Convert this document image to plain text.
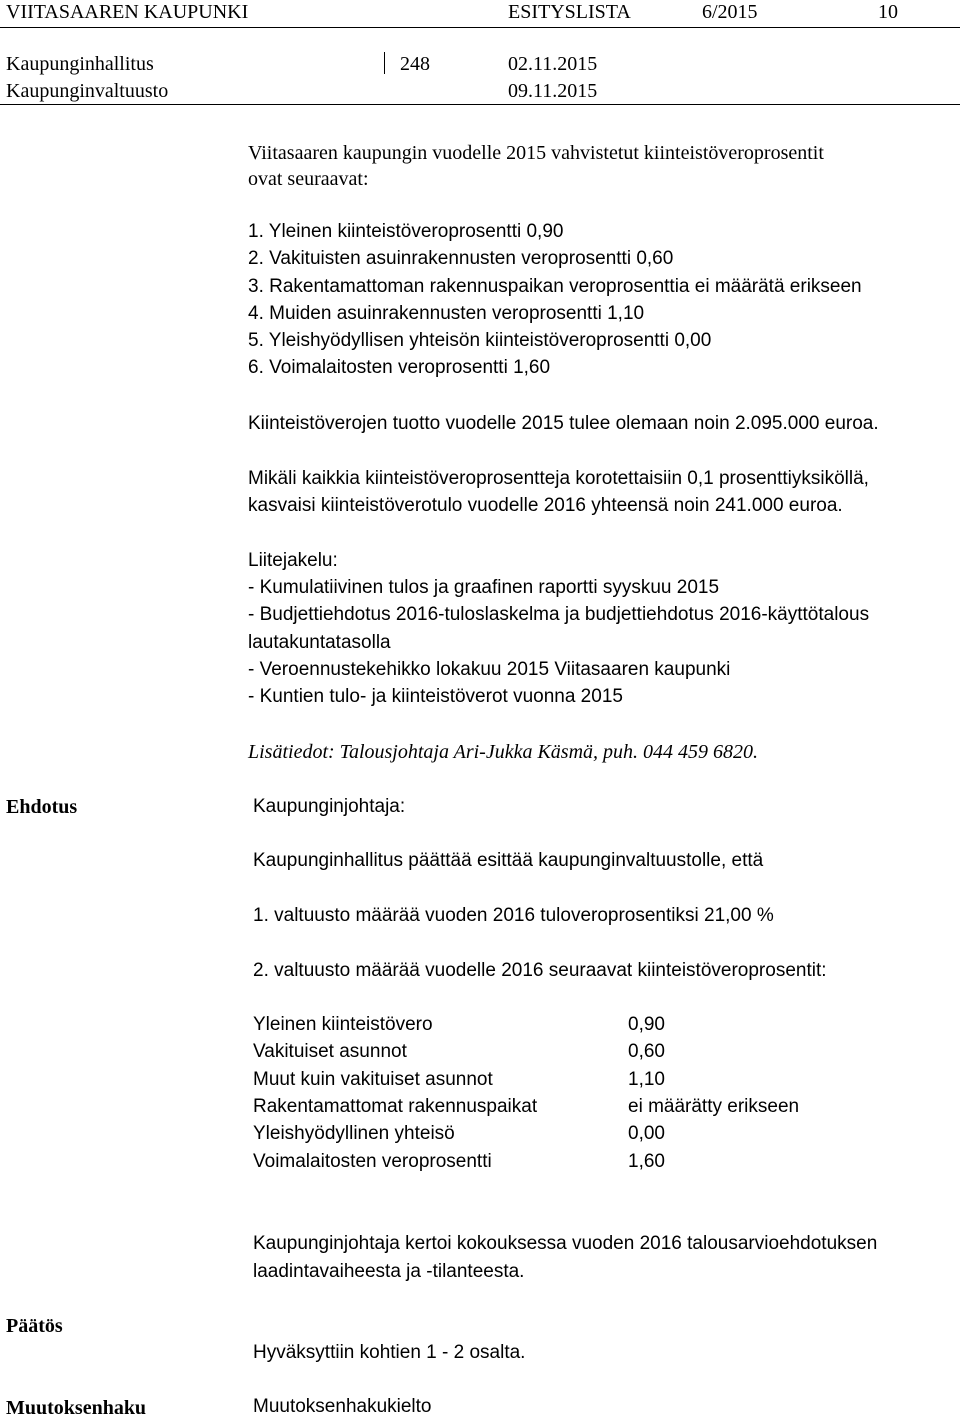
VIITASAAREN KAUPUNKI	ESITYSLISTA	6/2015	10
Kaupunginhallitus	248	02.11.2015
Kaupunginvaltuusto	09.11.2015
Viitasaaren kaupungin vuodelle 2015 vahvistetut kiinteistöveroprosentit
ovat seuraavat:
1. Yleinen kiinteistöveroprosentti 0,90
2. Vakituisten asuinrakennusten veroprosentti 0,60
3. Rakentamattoman rakennuspaikan veroprosenttia ei määrätä erikseen
4. Muiden asuinrakennusten veroprosentti 1,10
5. Yleishyödyllisen yhteisön kiinteistöveroprosentti 0,00
6. Voimalaitosten veroprosentti 1,60
Kiinteistöverojen tuotto vuodelle 2015 tulee olemaan noin 2.095.000 euroa.
Mikäli kaikkia kiinteistöveroprosentteja korotettaisiin 0,1 prosenttiyksiköllä,
kasvaisi kiinteistöverotulo vuodelle 2016 yhteensä noin 241.000 euroa.
Liitejakelu:
- Kumulatiivinen tulos ja graafinen raportti syyskuu 2015
- Budjettiehdotus 2016-tuloslaskelma ja budjettiehdotus 2016-käyttötalous
lautakuntatasolla
- Veroennustekehikko lokakuu 2015 Viitasaaren kaupunki
- Kuntien tulo- ja kiinteistöverot vuonna 2015
Lisätiedot: Talousjohtaja Ari-Jukka Käsmä, puh. 044 459 6820.
Ehdotus	Kaupunginjohtaja:
Kaupunginhallitus päättää esittää kaupunginvaltuustolle, että
1. valtuusto määrää vuoden 2016 tuloveroprosentiksi 21,00 %
2. valtuusto määrää vuodelle 2016 seuraavat kiinteistöveroprosentit:
Yleinen kiinteistövero	0,90
Vakituiset asunnot	0,60
Muut kuin vakituiset asunnot	1,10
Rakentamattomat rakennuspaikat	ei määrätty erikseen
Yleishyödyllinen yhteisö	0,00
Voimalaitosten veroprosentti	1,60
Kaupunginjohtaja kertoi kokouksessa vuoden 2016 talousarvioehdotuksen
laadintavaiheesta ja -tilanteesta.
Päätös
Hyväksyttiin kohtien 1 - 2 osalta.
Muutoksenhaku	Muutoksenhakukielto
